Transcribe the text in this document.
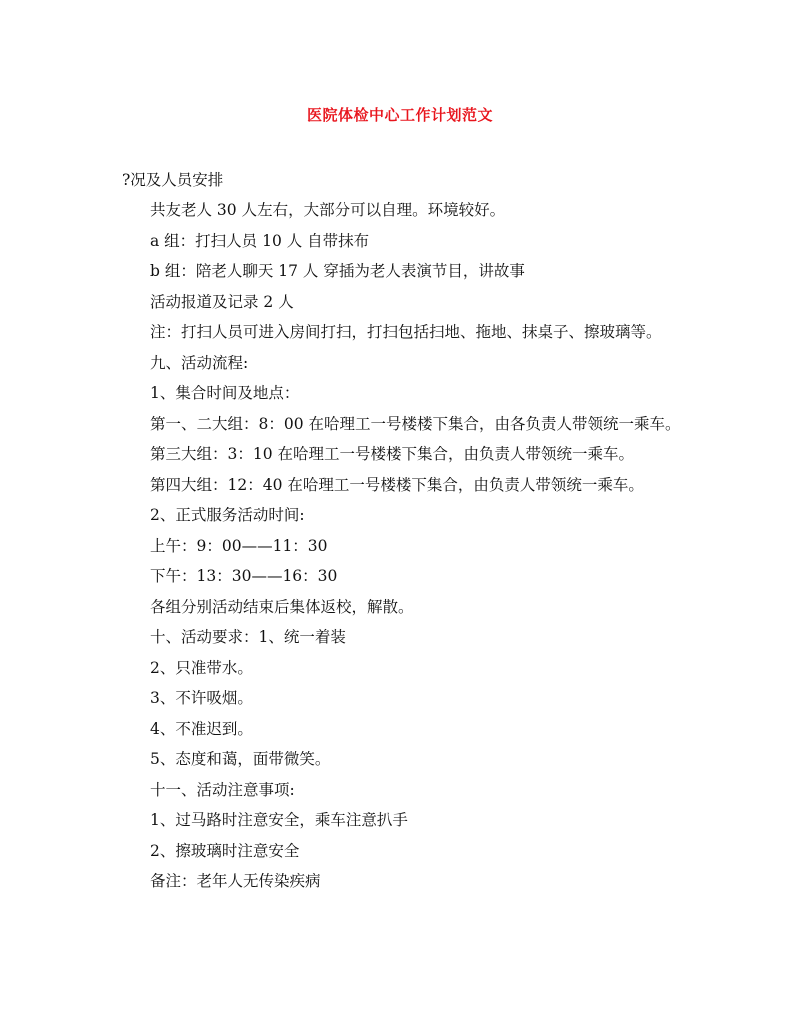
医院体检中心工作计划范文
?况及人员安排
共友老人 30 人左右，大部分可以自理。环境较好。
a 组：打扫人员 10 人 自带抹布
b 组：陪老人聊天 17 人 穿插为老人表演节目，讲故事
活动报道及记录 2 人
注：打扫人员可进入房间打扫，打扫包括扫地、拖地、抹桌子、擦玻璃等。
九、活动流程:
1、集合时间及地点：
第一、二大组：8：00 在哈理工一号楼楼下集合，由各负责人带领统一乘车。
第三大组：3：10 在哈理工一号楼楼下集合，由负责人带领统一乘车。
第四大组：12：40 在哈理工一号楼楼下集合，由负责人带领统一乘车。
2、正式服务活动时间:
上午：9：00——11：30
下午：13：30——16：30
各组分别活动结束后集体返校，解散。
十、活动要求：1、统一着装
2、只准带水。
3、不许吸烟。
4、不准迟到。
5、态度和蔼，面带微笑。
十一、活动注意事项:
1、过马路时注意安全，乘车注意扒手
2、擦玻璃时注意安全
备注：老年人无传染疾病
